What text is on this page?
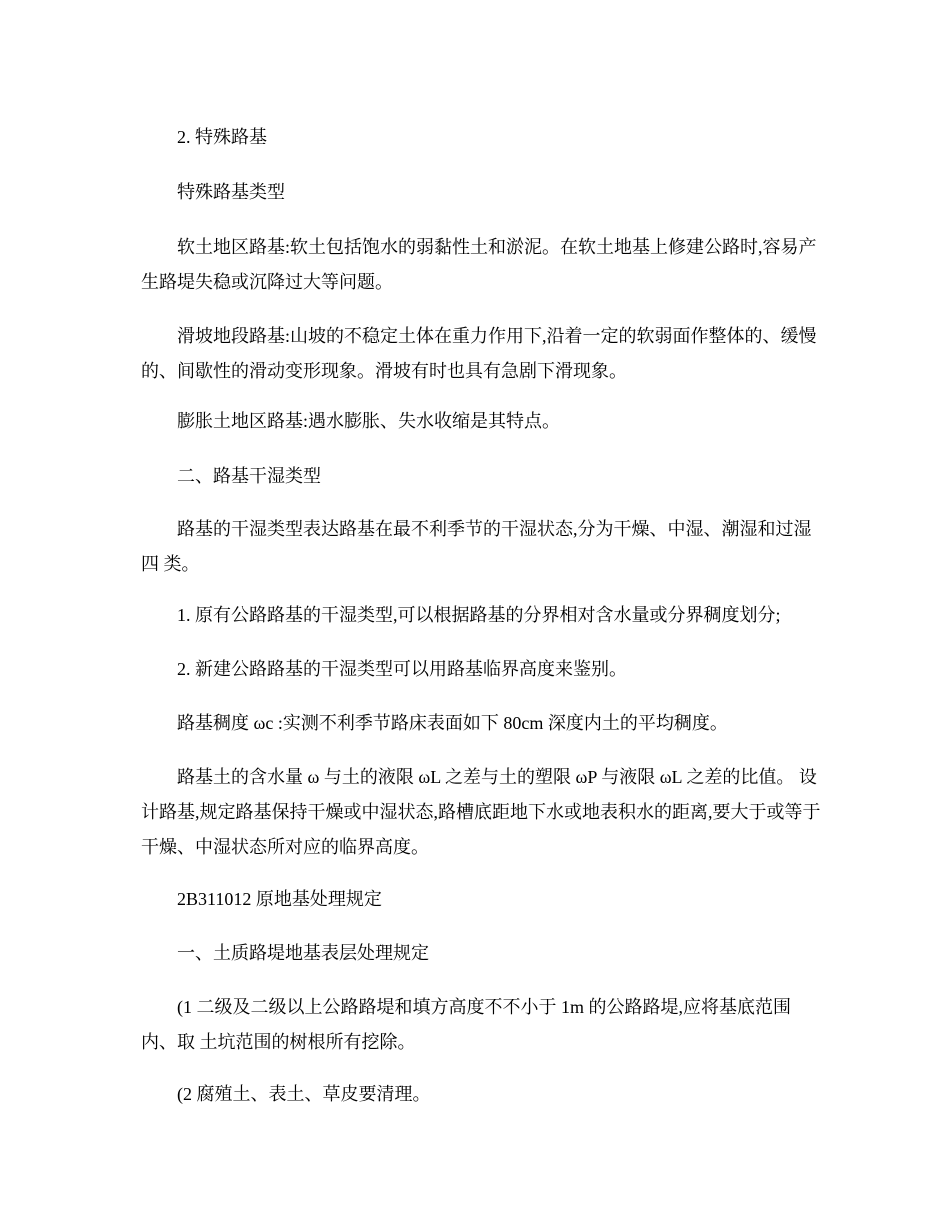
2. 特殊路基

特殊路基类型

软土地区路基:软土包括饱水的弱黏性土和淤泥。在软土地基上修建公路时,容易产 生路堤失稳或沉降过大等问题。

滑坡地段路基:山坡的不稳定土体在重力作用下,沿着一定的软弱面作整体的、缓慢 的、间歇性的滑动变形现象。滑坡有时也具有急剧下滑现象。

膨胀土地区路基:遇水膨胀、失水收缩是其特点。

二、路基干湿类型

路基的干湿类型表达路基在最不利季节的干湿状态,分为干燥、中湿、潮湿和过湿四 类。

1. 原有公路路基的干湿类型,可以根据路基的分界相对含水量或分界稠度划分;

2. 新建公路路基的干湿类型可以用路基临界高度来鉴别。

路基稠度 ωc :实测不利季节路床表面如下 80cm 深度内土的平均稠度。

路基土的含水量 ω 与土的液限 ωL 之差与土的塑限 ωP 与液限 ωL 之差的比值。 设计路基,规定路基保持干燥或中湿状态,路槽底距地下水或地表积水的距离,要大于或等于干燥、中湿状态所对应的临界高度。

2B311012 原地基处理规定

一、土质路堤地基表层处理规定

(1 二级及二级以上公路路堤和填方高度不不小于 1m 的公路路堤,应将基底范围内、取 土坑范围的树根所有挖除。

(2 腐殖土、表土、草皮要清理。
